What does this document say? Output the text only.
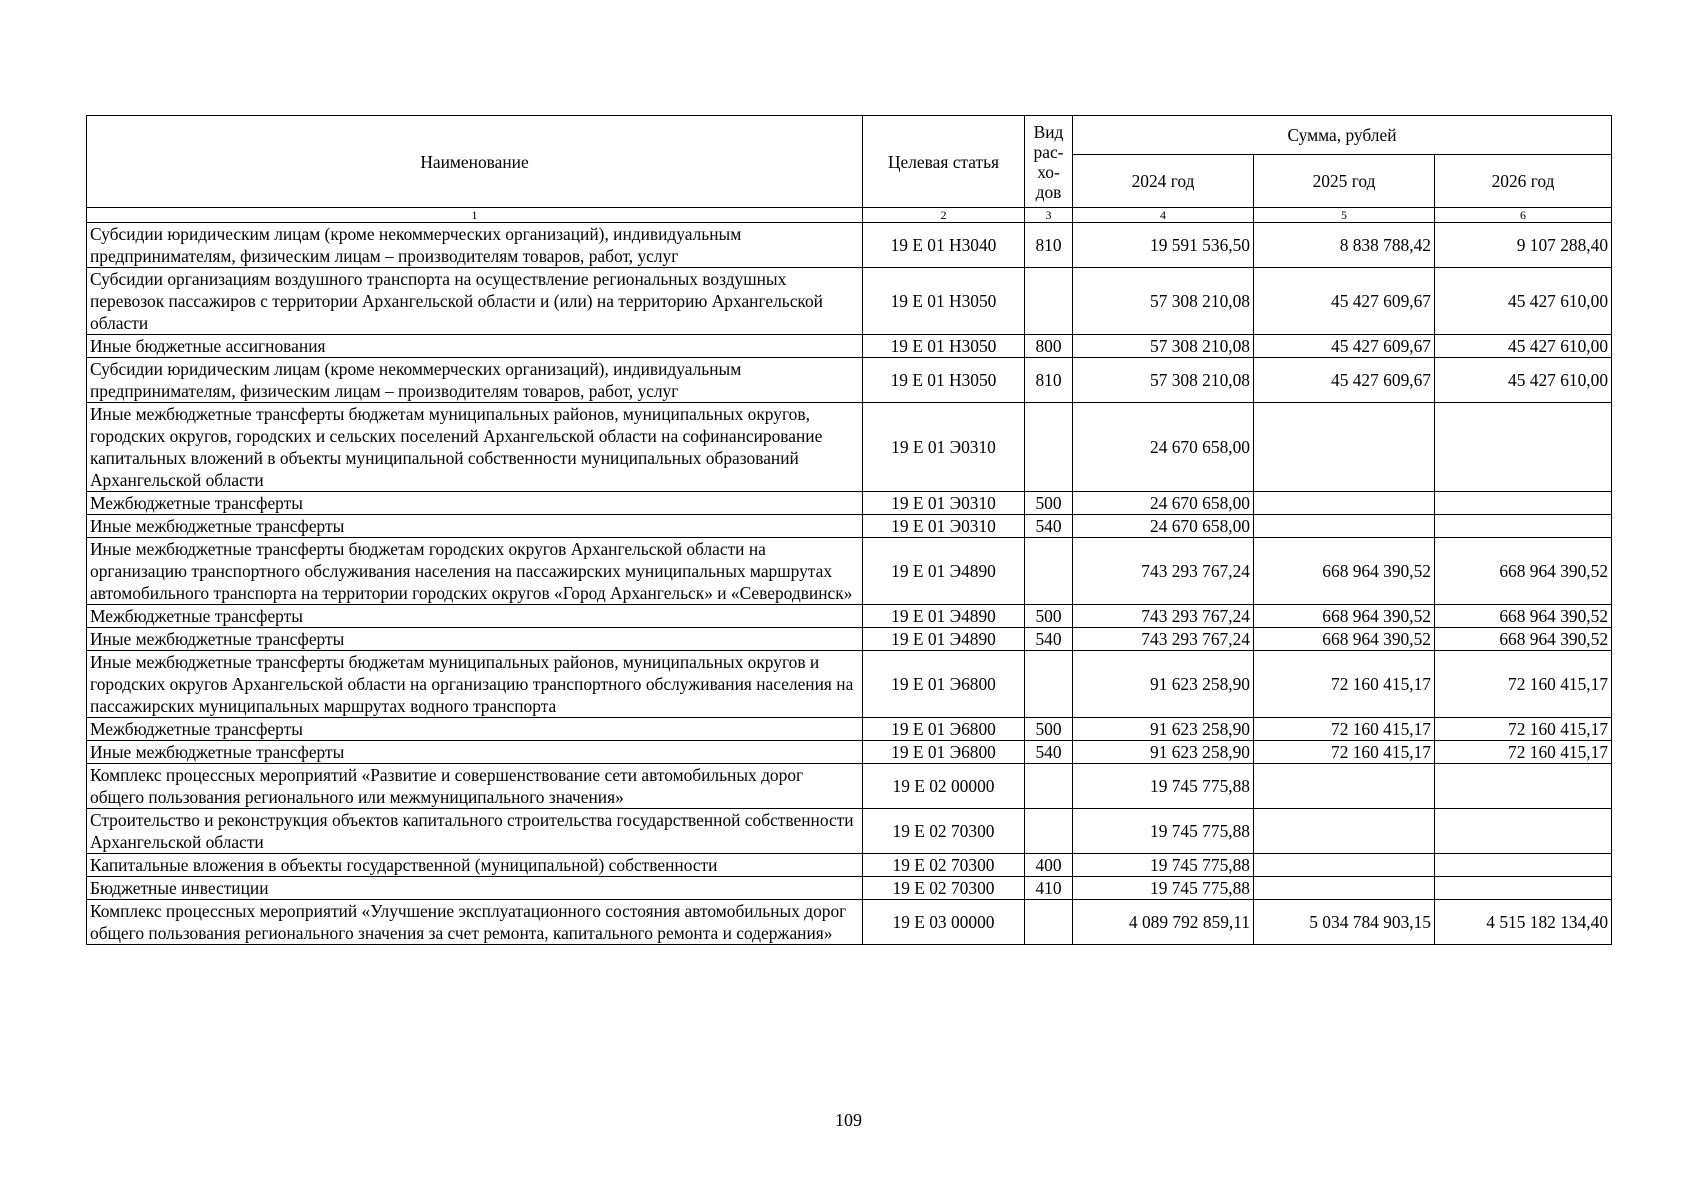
Наименование	Целевая статья	Вид рас-хо-дов	Сумма, рублей		
			2024 год	2025 год	2026 год
1	2	3	4	5	6
Субсидии юридическим лицам (кроме некоммерческих организаций), индивидуальным предпринимателям, физическим лицам – производителям товаров, работ, услуг	19 Е 01 Н3040	810	19 591 536,50	8 838 788,42	9 107 288,40
Субсидии организациям воздушного транспорта на осуществление региональных воздушных перевозок пассажиров с территории Архангельской области и (или) на территорию Архангельской области	19 Е 01 Н3050		57 308 210,08	45 427 609,67	45 427 610,00
Иные бюджетные ассигнования	19 Е 01 Н3050	800	57 308 210,08	45 427 609,67	45 427 610,00
Субсидии юридическим лицам (кроме некоммерческих организаций), индивидуальным предпринимателям, физическим лицам – производителям товаров, работ, услуг	19 Е 01 Н3050	810	57 308 210,08	45 427 609,67	45 427 610,00
Иные межбюджетные трансферты бюджетам муниципальных районов, муниципальных округов, городских округов, городских и сельских поселений Архангельской области на софинансирование капитальных вложений в объекты муниципальной собственности муниципальных образований Архангельской области	19 Е 01 Э0310		24 670 658,00		
Межбюджетные трансферты	19 Е 01 Э0310	500	24 670 658,00		
Иные межбюджетные трансферты	19 Е 01 Э0310	540	24 670 658,00		
Иные межбюджетные трансферты бюджетам городских округов Архангельской области на организацию транспортного обслуживания населения на пассажирских муниципальных маршрутах автомобильного транспорта на территории городских округов «Город Архангельск» и «Северодвинск»	19 Е 01 Э4890		743 293 767,24	668 964 390,52	668 964 390,52
Межбюджетные трансферты	19 Е 01 Э4890	500	743 293 767,24	668 964 390,52	668 964 390,52
Иные межбюджетные трансферты	19 Е 01 Э4890	540	743 293 767,24	668 964 390,52	668 964 390,52
Иные межбюджетные трансферты бюджетам муниципальных районов, муниципальных округов и городских округов Архангельской области на организацию транспортного обслуживания населения на пассажирских муниципальных маршрутах водного транспорта	19 Е 01 Э6800		91 623 258,90	72 160 415,17	72 160 415,17
Межбюджетные трансферты	19 Е 01 Э6800	500	91 623 258,90	72 160 415,17	72 160 415,17
Иные межбюджетные трансферты	19 Е 01 Э6800	540	91 623 258,90	72 160 415,17	72 160 415,17
Комплекс процессных мероприятий «Развитие и совершенствование сети автомобильных дорог общего пользования регионального или межмуниципального значения»	19 Е 02 00000		19 745 775,88		
Строительство и реконструкция объектов капитального строительства государственной собственности Архангельской области	19 Е 02 70300		19 745 775,88		
Капитальные вложения в объекты государственной (муниципальной) собственности	19 Е 02 70300	400	19 745 775,88		
Бюджетные инвестиции	19 Е 02 70300	410	19 745 775,88		
Комплекс процессных мероприятий «Улучшение эксплуатационного состояния автомобильных дорог общего пользования регионального значения за счет ремонта, капитального ремонта и содержания»	19 Е 03 00000		4 089 792 859,11	5 034 784 903,15	4 515 182 134,40
109
